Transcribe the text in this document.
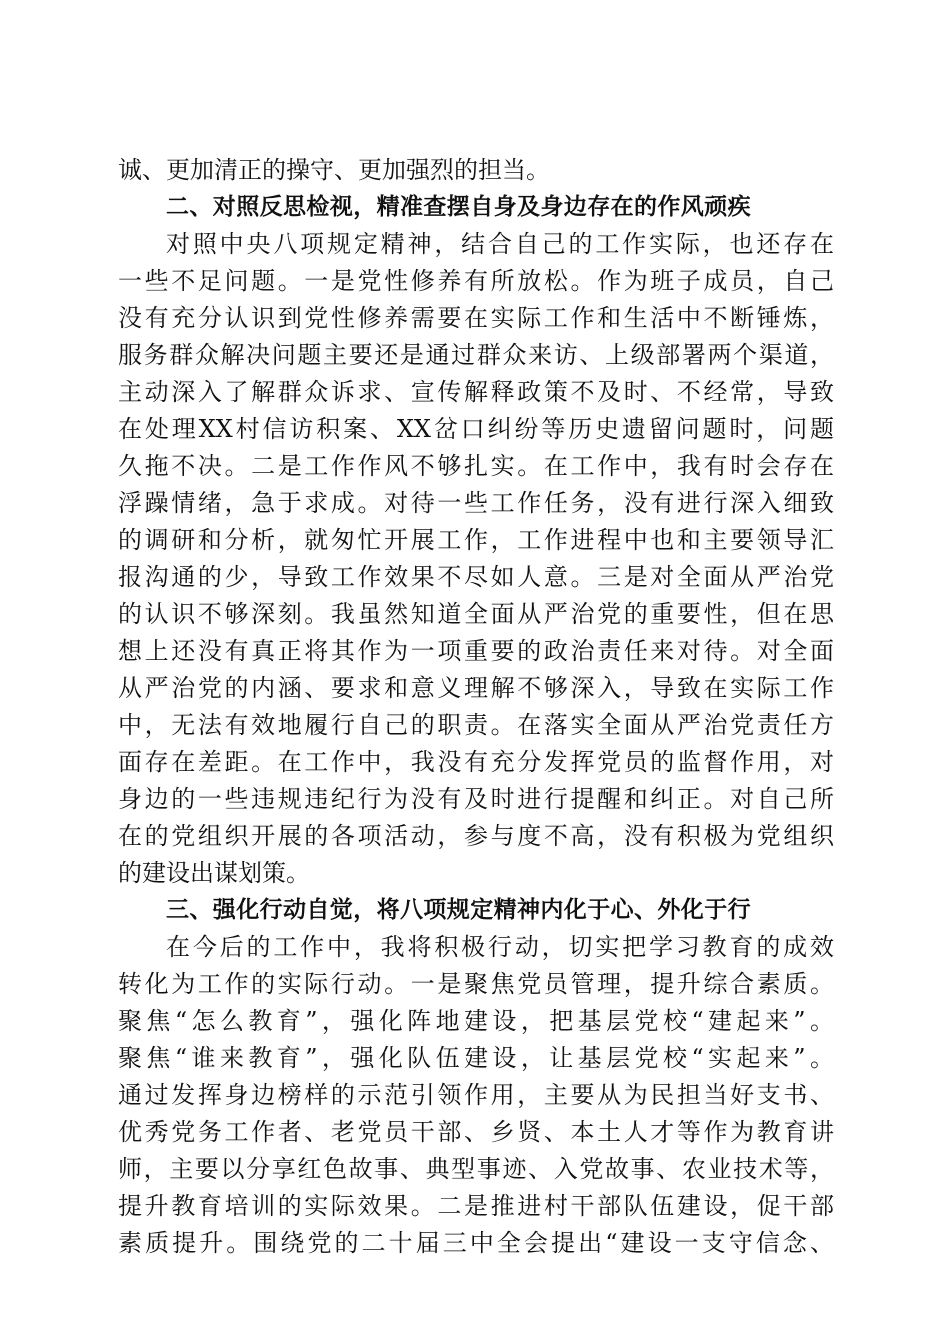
诚、更加清正的操守、更加强烈的担当。
二、对照反思检视，精准查摆自身及身边存在的作风顽疾
对照中央八项规定精神，结合自己的工作实际，也还存在
一些不足问题。一是党性修养有所放松。作为班子成员，自己
没有充分认识到党性修养需要在实际工作和生活中不断锤炼，
服务群众解决问题主要还是通过群众来访、上级部署两个渠道，
主动深入了解群众诉求、宣传解释政策不及时、不经常，导致
在处理XX村信访积案、XX岔口纠纷等历史遗留问题时，问题
久拖不决。二是工作作风不够扎实。在工作中，我有时会存在
浮躁情绪，急于求成。对待一些工作任务，没有进行深入细致
的调研和分析，就匆忙开展工作，工作进程中也和主要领导汇
报沟通的少，导致工作效果不尽如人意。三是对全面从严治党
的认识不够深刻。我虽然知道全面从严治党的重要性，但在思
想上还没有真正将其作为一项重要的政治责任来对待。对全面
从严治党的内涵、要求和意义理解不够深入，导致在实际工作
中，无法有效地履行自己的职责。在落实全面从严治党责任方
面存在差距。在工作中，我没有充分发挥党员的监督作用，对
身边的一些违规违纪行为没有及时进行提醒和纠正。对自己所
在的党组织开展的各项活动，参与度不高，没有积极为党组织
的建设出谋划策。
三、强化行动自觉，将八项规定精神内化于心、外化于行
在今后的工作中，我将积极行动，切实把学习教育的成效
转化为工作的实际行动。一是聚焦党员管理，提升综合素质。
聚焦“怎么教育”，强化阵地建设，把基层党校“建起来”。
聚焦“谁来教育”，强化队伍建设，让基层党校“实起来”。
通过发挥身边榜样的示范引领作用，主要从为民担当好支书、
优秀党务工作者、老党员干部、乡贤、本土人才等作为教育讲
师，主要以分享红色故事、典型事迹、入党故事、农业技术等，
提升教育培训的实际效果。二是推进村干部队伍建设，促干部
素质提升。围绕党的二十届三中全会提出“建设一支守信念、
